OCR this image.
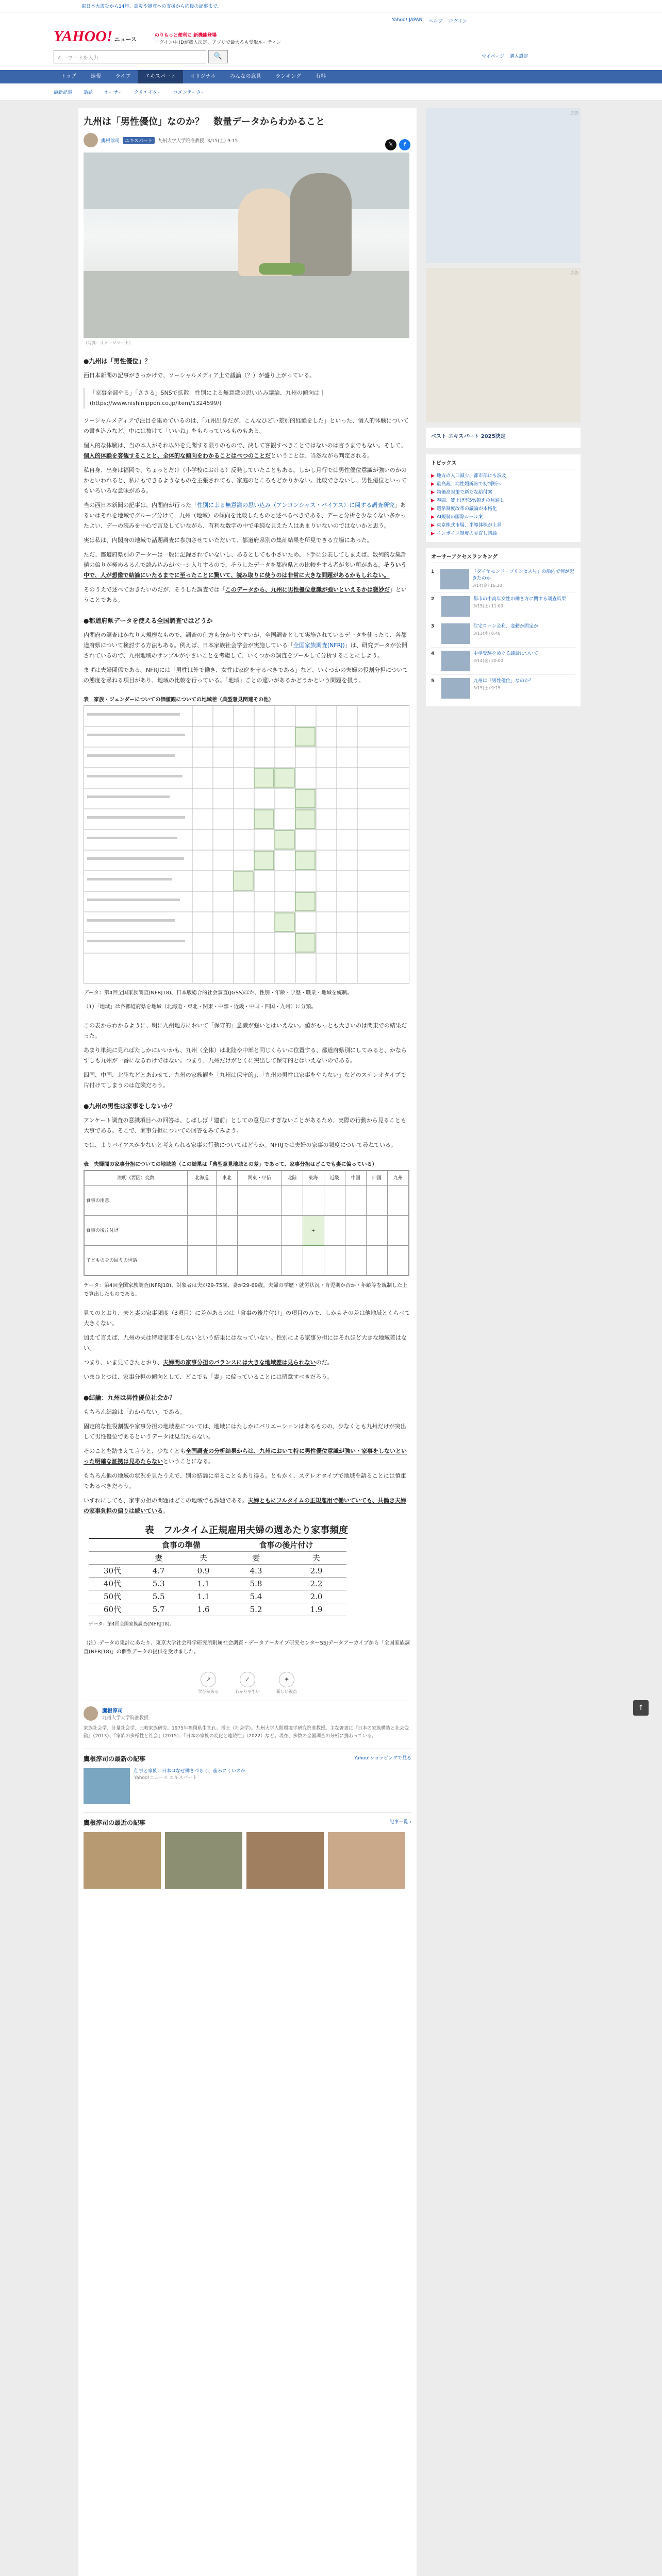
東日本大震災から14年、震災や能登への支援から応援の記事まで。
YAHOO! ニュース
のりもっと便利に 新機能登場
ログイン中 IDが載入決定、アプリで最大ろも受取ルーティン
Yahoo! JAPAN ヘルプ ログイン
キーワードを入力	🔍	マイページ 購入設定
トップ	速報	ライブ	エキスパート	オリジナル	みんなの意見	ランキング	有料
最新記事 話題 オーサー クリエイター コメンテーター
九州は「男性優位」なのか？　数量データからわかること
鷹根淳司	エキスパート	九州大学大学院准教授 3/15(土) 9:15
𝕏	f
（写真：イメージマート）
●九州は「男性優位」？

西日本新聞の記事がきっかけで、ソーシャルメディア上で議論（？）が盛り上がっている。

「家事全部やる」「ささる」SNSで拡散　性別による無意識の思い込み議論、九州の傾向は｜ (https://www.nishinippon.co.jp/item/1324599/)

ソーシャルメディアで注目を集めているのは、「九州出身だが、こんなひどい差別的経験をした」といった、個人的体験についての書き込みなど。中には抜けて「いいね」をもらっているものもある。

個人的な体験は、当の本人がそれ以外を見聞する限りのもので、決して客観すべきことではないのは言うまでもない。そして、個人的体験を客観することと、全体的な傾向をわかることはべつのことだということは、当然ながら判定される。

私自身、出身は福岡で、ちょっとだけ（小学校における）反発していたこともある。しかし月行では男性優位意識が強いのかのかといわれると、私にもできるようなものを主張されても、家庭のところもどかりかない。比較できないし、男性優位といってもいろいろな意味がある。

当の西日本新聞の記事は、内閣府が行った「性別による無意識の思い込み（アンコンシャス・バイアス）に関する調査研究」あるいはそれを地域でグループ分けて、九州（地域）の傾向を比較したものと述べるべきである、デーと分析を少なくない多かったよい、デーの読みを中心で言及していながら、有利な数字の中で単純な見えた人はあまりいないのではないかと思う。

実は私は、内閣府の地域で話題調査に参加させていただいて、都道府県別の集計結果を所見できる立場にあった。

ただ、都道府県別のデーターは一般に記録されていないし、あるとしても小さいため、下手に公表してしまえば、数列的な集計値の偏りが極めるるんで読み込みがベーシ入りするので、そうしたデータを都府県との比較をする者が多い所がある。そういう中で、人が想像で結論にいたるまでに至ったことに驚いて、読み取りに使うのは非常に大きな問題があるかもしれない。

そのうえで述べておきたいのだが、そうした調査では「このデータから、九州に男性優位意識が強いといえるかは微妙だ」ということである。

●都道府県データを使える全国調査ではどうか

内閣府の調査はかなり大規模なもので、調査の仕方も分かりやすいが、全国調査として実施されているデータを使ったり、各都道府県について検討する方法もある。例えば、日本家族社会学会が実施している「全国家族調査(NFRJ)」は、研究データが公開されているので、九州地域のサンプルが小さいことを考慮して、いくつかの調査をプールして分析することにしよう。

まずは夫婦関係である。NFRJには「男性は外で働き、女性は家庭を守るべきである」など、いくつかの夫婦の役割分担についての態度を尋ねる項目があり、地域の比較を行っている。「地域」ごとの違いがあるかどうかという問題を扱う。

表　家族・ジェンダーについての価値観についての地域差（典型意見関連その他）
データ：第4回全国家族調査(NFRJ18)、日本版総合的社会調査(JGSS)ほか、性別・年齢・学歴・職業・地域を統制。
（1）「地域」は各都道府県を地域（北海道・東北・関東・中部・近畿・中国・四国・九州）に分類。

この表からわかるように、明に九州地方において「保守的」意識が強いとはいえない。値がもっとも大きいのは関東での結果だった。

あまり単純に見ればたしかにいいかも、九州（全体）は北陸や中部と同じくらいに位置する、都道府県別にしてみると、かならずしも九州が一番になるわけではない。つまり、九州だけがとくに突出して保守的とはいえないのである。

四国、中国、北陸などとあわせて、九州の家族観を「九州は保守的」、「九州の男性は家事をやらない」などのステレオタイプで片付けてしまうのは危険だろう。

●九州の男性は家事をしないか？

アンケート調査の意識項目への回答は、しばしば「建前」としての意見にすぎないことがあるため、実際の行動から見ることも大事である。そこで、家事分担についての回答をみてみよう。

では、よりバイアスが少ないと考えられる家事の行動についてはどうか。NFRJでは夫婦の家事の頻度について尋ねている。

表　夫婦間の家事分担についての地域差（この結果は「典型意見地域との差」であって、家事分担はどこでも妻に偏っている）
説明（要因）変数	北海道	東北	関東・甲信	北陸	東海	近畿	中国	四国	九州
食事の用意									
食事の後片付け					+				
子どもの身の回りの世話									
データ：第4回全国家族調査(NFRJ18)、対象者は夫が29-75歳、妻が29-69歳。夫婦の学歴・就労状況・育児期か否か・年齢等を統制した上で算出したものである。

見てのとおり、夫と妻の家事頻度（3項目）に差があるのは「食事の後片付け」の項目のみで、しかもその差は他地域とくらべて大きくない。

加えて言えば、九州の夫は特段家事をしないという結果にはなっていない。性別による家事分担にはそれほど大きな地域差はない。

つまり、いま見てきたとおり、夫婦間の家事分担のバランスには大きな地域差は見られないのだ。

いまひとつは、家事分担の傾向として、どこでも「妻」に偏っていることには留意すべきだろう。

●結論：九州は男性優位社会か？

もちろん結論は「わからない」である。

固定的な性役割観や家事分担の地域差については、地域にはたしかにバリエーションはあるものの、少なくとも九州だけが突出して男性優位であるというデータは見当たらない。

そのことを踏まえて言うと、少なくとも全国調査の分析結果からは、九州において特に男性優位意識が強い・家事をしないといった明確な証拠は見あたらないということになる。

もちろん他の地域の状況を見たうえで、別の結論に至ることもあり得る。ともかく、ステレオタイプで地域を語ることには慎重であるべきだろう。

いずれにしても、家事分担の問題はどこの地域でも課題である。夫婦ともにフルタイムの正規雇用で働いていても、共働き夫婦の家事負担の偏りは続いている。

表　フルタイム正規雇用夫婦の週あたり家事頻度
	食事の準備		食事の後片付け	
	妻	夫	妻	夫
30代	4.7	0.9	4.3	2.9
40代	5.3	1.1	5.8	2.2
50代	5.5	1.1	5.4	2.0
60代	5.7	1.6	5.2	1.9
データ：第4回全国家族調査(NFRJ18)。

（注）データの集計にあたり、東京大学社会科学研究所附属社会調査・データアーカイブ研究センターSSJデータアーカイブから「全国家族調査(NFRJ18)」の個票データの提供を受けました。

↗
学びがある
✓
わかりやすい
✦
新しい視点
鷹根淳司
九州大学大学院准教授
家族社会学、計量社会学、比較家族研究。1975年福岡県生まれ。博士（社会学）。九州大学人間環境学研究院准教授。主な著書に『日本の家族構造と社会変動』（2013）、『家族の多様性と社会』（2015）、『日本の家族の変化と連続性』（2022）など。現在、多数の全国調査の分析に携わっている。
鷹根淳司の最新の記事	Yahoo!ショッピングで見る
仕事と家族：日本はなぜ働きづらく、産みにくいのか
Yahoo!ニュース エキスパート
鷹根淳司の最近の記事	記事一覧 ›
広告
広告
ベスト エキスパート 2025決定
トピックス
▶ 地方の人口減少、都市部にも波及
▶ 最高裁、同性婚訴訟で初判断へ
▶ 物価高対策で新たな給付案
▶ 春闘、賃上げ率5%超えの見通し
▶ 選挙制度改革の議論が本格化
▶ AI規制の国際ルール案
▶ 東京株式市場、半導体株が上昇
▶ インボイス制度の見直し議論
オーサーアクセスランキング
1	「ダイヤモンド・プリンセス号」の船内で何が起きたのか
3/14(金) 16:20
2	都市の中高年女性の働き方に関する調査結果
3/15(土) 11:00
3	住宅ローン金利、変動か固定か
3/13(木) 8:40
4	中学受験をめぐる議論について
3/14(金) 20:00
5	九州は「男性優位」なのか？
3/15(土) 9:15
↑
